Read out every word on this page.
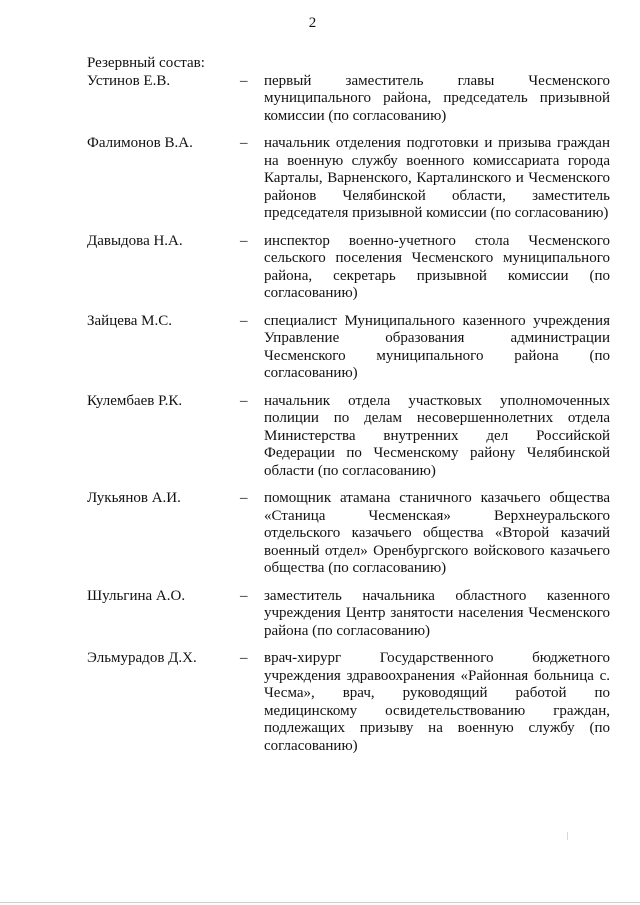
2
Резервный состав:
Устинов Е.В.	– первый заместитель главы Чесменского муниципального района, председатель призывной комиссии (по согласованию)
Фалимонов В.А.	– начальник отделения подготовки и призыва граждан на военную службу военного комиссариата города Карталы, Варненского, Карталинского и Чесменского районов Челябинской области, заместитель председателя призывной комиссии (по согласованию)
Давыдова Н.А.	– инспектор военно-учетного стола Чесменского сельского поселения Чесменского муниципального района, секретарь призывной комиссии (по согласованию)
Зайцева М.С.	– специалист Муниципального казенного учреждения Управление образования администрации Чесменского муниципального района (по согласованию)
Кулембаев Р.К.	– начальник отдела участковых уполномоченных полиции по делам несовершеннолетних отдела Министерства внутренних дел Российской Федерации по Чесменскому району Челябинской области (по согласованию)
Лукьянов А.И.	– помощник атамана станичного казачьего общества «Станица Чесменская» Верхнеуральского отдельского казачьего общества «Второй казачий военный отдел» Оренбургского войскового казачьего общества (по согласованию)
Шульгина А.О.	– заместитель начальника областного казенного учреждения Центр занятости населения Чесменского района (по согласованию)
Эльмурадов Д.Х.	– врач-хирург Государственного бюджетного учреждения здравоохранения «Районная больница с. Чесма», врач, руководящий работой по медицинскому освидетельствованию граждан, подлежащих призыву на военную службу (по согласованию)
